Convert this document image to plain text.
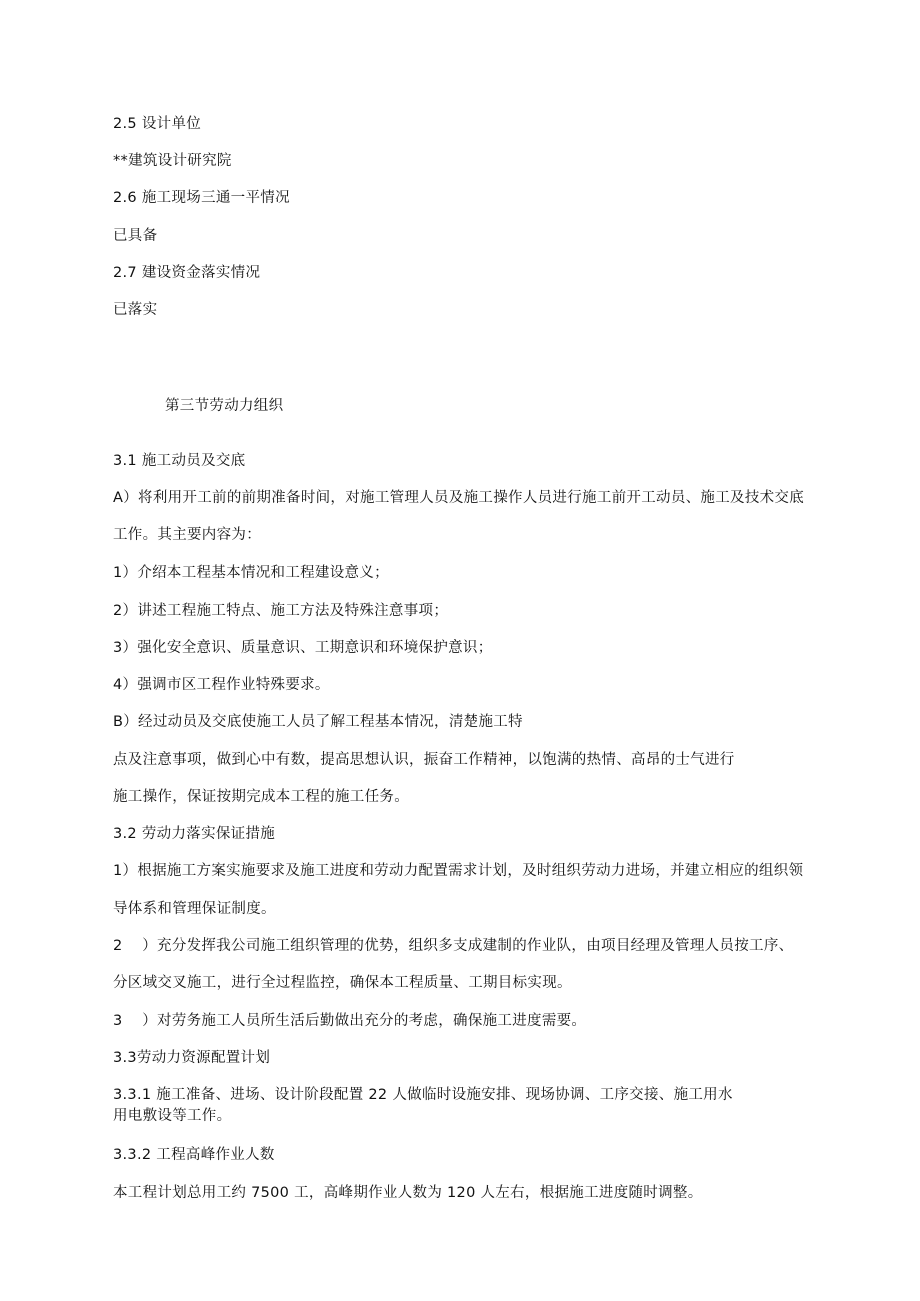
2.5 设计单位
**建筑设计研究院
2.6 施工现场三通一平情况
已具备
2.7 建设资金落实情况
已落实
第三节劳动力组织
3.1 施工动员及交底
A）将利用开工前的前期准备时间，对施工管理人员及施工操作人员进行施工前开工动员、施工及技术交底
工作。其主要内容为：
1）介绍本工程基本情况和工程建设意义；
2）讲述工程施工特点、施工方法及特殊注意事项；
3）强化安全意识、质量意识、工期意识和环境保护意识；
4）强调市区工程作业特殊要求。
B）经过动员及交底使施工人员了解工程基本情况，清楚施工特
点及注意事项，做到心中有数，提高思想认识，振奋工作精神，以饱满的热情、高昂的士气进行
施工操作，保证按期完成本工程的施工任务。
3.2 劳动力落实保证措施
1）根据施工方案实施要求及施工进度和劳动力配置需求计划，及时组织劳动力进场，并建立相应的组织领
导体系和管理保证制度。
2　 ）充分发挥我公司施工组织管理的优势，组织多支成建制的作业队，由项目经理及管理人员按工序、
分区域交叉施工，进行全过程监控，确保本工程质量、工期目标实现。
3　 ）对劳务施工人员所生活后勤做出充分的考虑，确保施工进度需要。
3.3劳动力资源配置计划
3.3.1 施工准备、进场、设计阶段配置 22 人做临时设施安排、现场协调、工序交接、施工用水
用电敷设等工作。
3.3.2 工程高峰作业人数
本工程计划总用工约 7500 工，高峰期作业人数为 120 人左右，根据施工进度随时调整。
